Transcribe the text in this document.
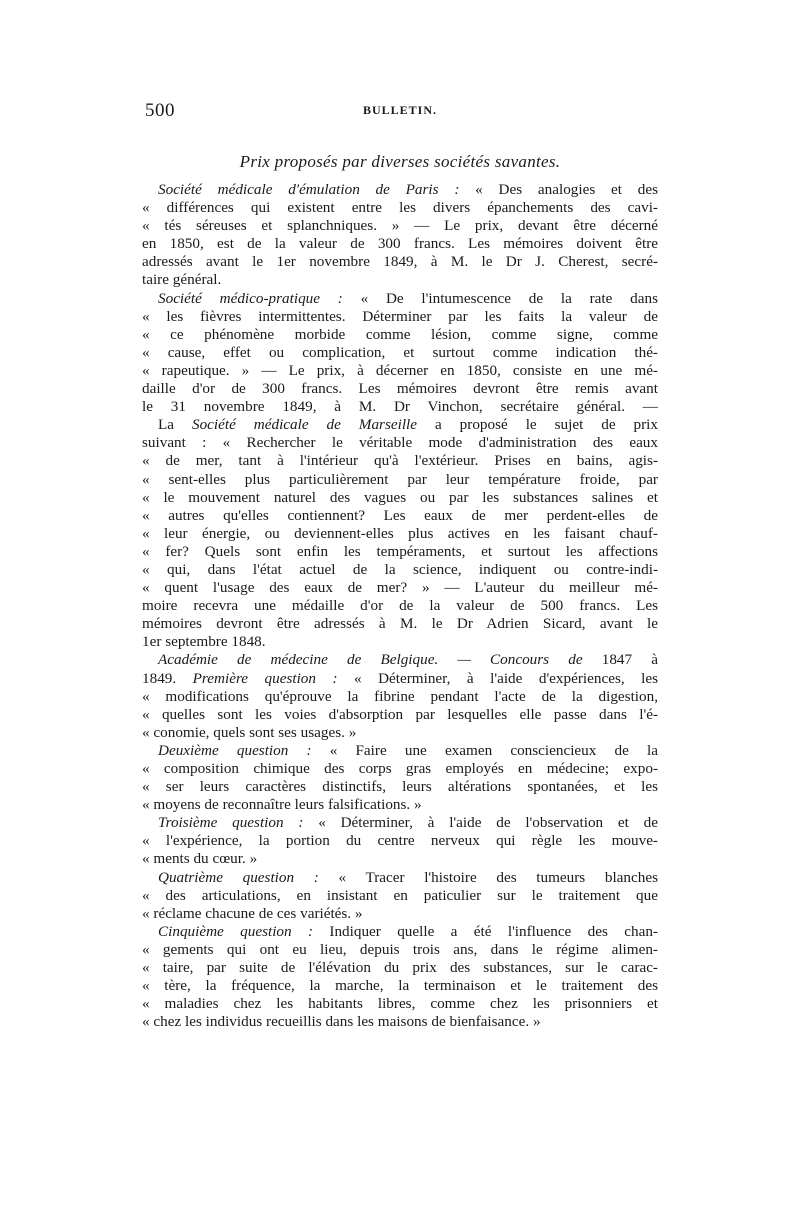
500	BULLETIN.
Prix proposés par diverses sociétés savantes.
Société médicale d'émulation de Paris : « Des analogies et des
« différences qui existent entre les divers épanchements des cavi-
« tés séreuses et splanchniques. » — Le prix, devant être décerné
en 1850, est de la valeur de 300 francs. Les mémoires doivent être
adressés avant le 1er novembre 1849, à M. le Dr J. Cherest, secré-
taire général.
Société médico-pratique : « De l'intumescence de la rate dans
« les fièvres intermittentes. Déterminer par les faits la valeur de
« ce phénomène morbide comme lésion, comme signe, comme
« cause, effet ou complication, et surtout comme indication thé-
« rapeutique. » — Le prix, à décerner en 1850, consiste en une mé-
daille d'or de 300 francs. Les mémoires devront être remis avant
le 31 novembre 1849, à M. Dr Vinchon, secrétaire général. —
La Société médicale de Marseille a proposé le sujet de prix
suivant : « Rechercher le véritable mode d'administration des eaux
« de mer, tant à l'intérieur qu'à l'extérieur. Prises en bains, agis-
« sent-elles plus particulièrement par leur température froide, par
« le mouvement naturel des vagues ou par les substances salines et
« autres qu'elles contiennent? Les eaux de mer perdent-elles de
« leur énergie, ou deviennent-elles plus actives en les faisant chauf-
« fer? Quels sont enfin les tempéraments, et surtout les affections
« qui, dans l'état actuel de la science, indiquent ou contre-indi-
« quent l'usage des eaux de mer? » — L'auteur du meilleur mé-
moire recevra une médaille d'or de la valeur de 500 francs. Les
mémoires devront être adressés à M. le Dr Adrien Sicard, avant le
1er septembre 1848.
Académie de médecine de Belgique. — Concours de 1847 à
1849. Première question : « Déterminer, à l'aide d'expériences, les
« modifications qu'éprouve la fibrine pendant l'acte de la digestion,
« quelles sont les voies d'absorption par lesquelles elle passe dans l'é-
« conomie, quels sont ses usages. »
Deuxième question : « Faire une examen consciencieux de la
« composition chimique des corps gras employés en médecine; expo-
« ser leurs caractères distinctifs, leurs altérations spontanées, et les
« moyens de reconnaître leurs falsifications. »
Troisième question : « Déterminer, à l'aide de l'observation et de
« l'expérience, la portion du centre nerveux qui règle les mouve-
« ments du cœur. »
Quatrième question : « Tracer l'histoire des tumeurs blanches
« des articulations, en insistant en paticulier sur le traitement que
« réclame chacune de ces variétés. »
Cinquième question : Indiquer quelle a été l'influence des chan-
« gements qui ont eu lieu, depuis trois ans, dans le régime alimen-
« taire, par suite de l'élévation du prix des substances, sur le carac-
« tère, la fréquence, la marche, la terminaison et le traitement des
« maladies chez les habitants libres, comme chez les prisonniers et
« chez les individus recueillis dans les maisons de bienfaisance. »
